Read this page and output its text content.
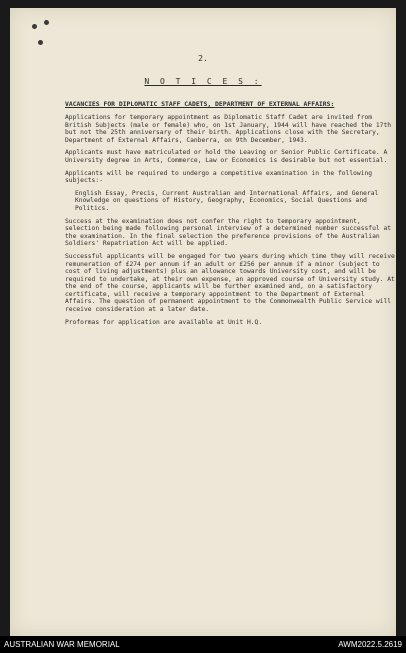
2.
N O T I C E S :
VACANCIES FOR DIPLOMATIC STAFF CADETS, DEPARTMENT OF EXTERNAL AFFAIRS:

Applications for temporary appointment as Diplomatic Staff Cadet are invited from British Subjects (male or female) who, on 1st January, 1944 will have reached the 17th but not the 25th anniversary of their birth. Applications close with the Secretary, Department of External Affairs, Canberra, on 9th December, 1943.

Applicants must have matriculated or hold the Leaving or Senior Public Certificate. A University degree in Arts, Commerce, Law or Economics is desirable but not essential.

Applicants will be required to undergo a competitive examination in the following subjects:-

English Essay, Precis, Current Australian and International Affairs, and General Knowledge on questions of History, Geography, Economics, Social Questions and Politics.

Success at the examination does not confer the right to temporary appointment, selection being made following personal interview of a determined number successful at the examination. In the final selection the preference provisions of the Australian Soldiers' Repatriation Act will be applied.

Successful applicants will be engaged for two years during which time they will receive remuneration of £274 per annum if an adult or £256 per annum if a minor (subject to cost of living adjustments) plus an allowance towards University cost, and will be required to undertake, at their own expense, an approved course of University study. At the end of the course, applicants will be further examined and, on a satisfactory certificate, will receive a temporary appointment to the Department of External Affairs. The question of permanent appointment to the Commonwealth Public Service will receive consideration at a later date.

Proformas for application are available at Unit H.Q.

AUSTRALIAN WAR MEMORIAL	AWM2022.5.2619
